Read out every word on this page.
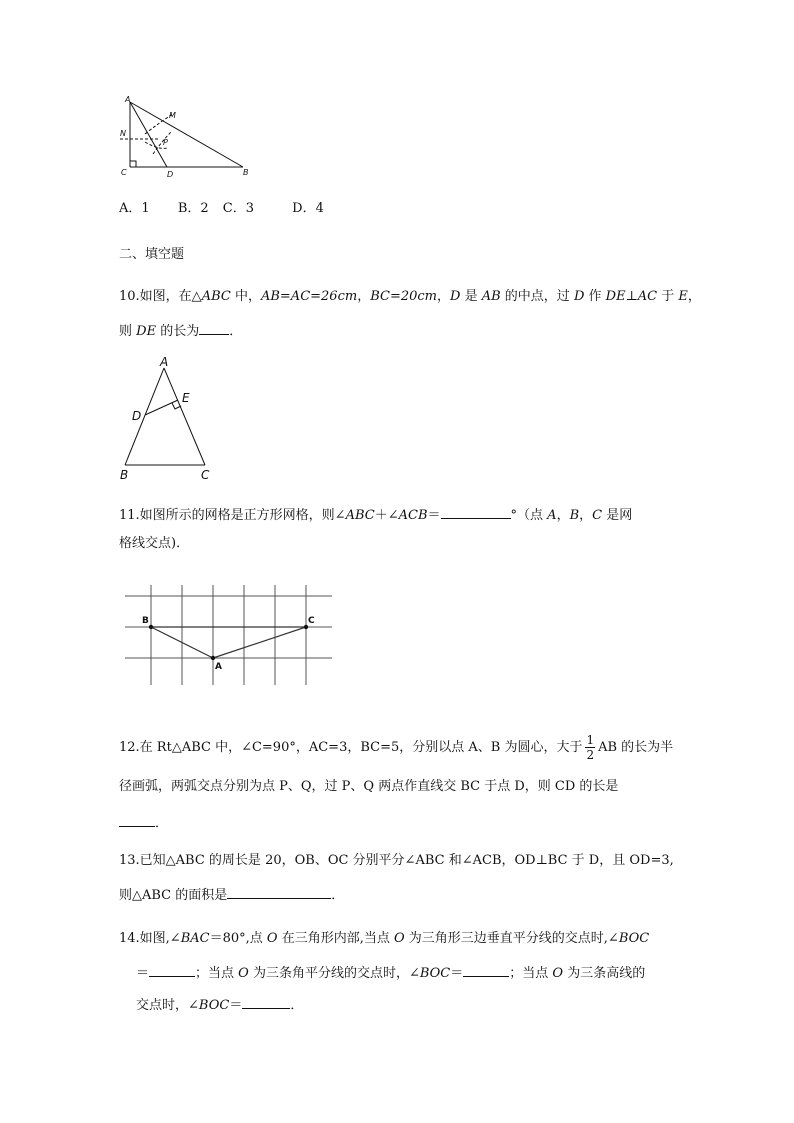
A
M
N
P
C	D	B
A．1 B．2 C．3	D．4
二、填空题
10.如图，在△ABC 中，AB=AC=26cm，BC=20cm，D 是 AB 的中点，过 D 作 DE⊥AC 于 E，
则 DE 的长为 ．
A
E
D
B	C
11.如图所示的网格是正方形网格，则∠ABC＋∠ACB＝	°（点 A，B，C 是网
格线交点)．
B	C
A
12.在 Rt△ABC 中，∠C=90°，AC=3，BC=5，分别以点 A、B 为圆心，大于 $\frac{1}{2}$ AB 的长为半
径画弧，两弧交点分别为点 P、Q，过 P、Q 两点作直线交 BC 于点 D，则 CD 的长是
．
13.已知△ABC 的周长是 20，OB、OC 分别平分∠ABC 和∠ACB，OD⊥BC 于 D，且 OD=3,
则△ABC 的面积是	．
14.如图,∠BAC＝80°,点 O 在三角形内部,当点 O 为三角形三边垂直平分线的交点时,∠BOC
＝	；当点 O 为三条角平分线的交点时，∠BOC＝	；当点 O 为三条高线的
交点时，∠BOC＝	．
